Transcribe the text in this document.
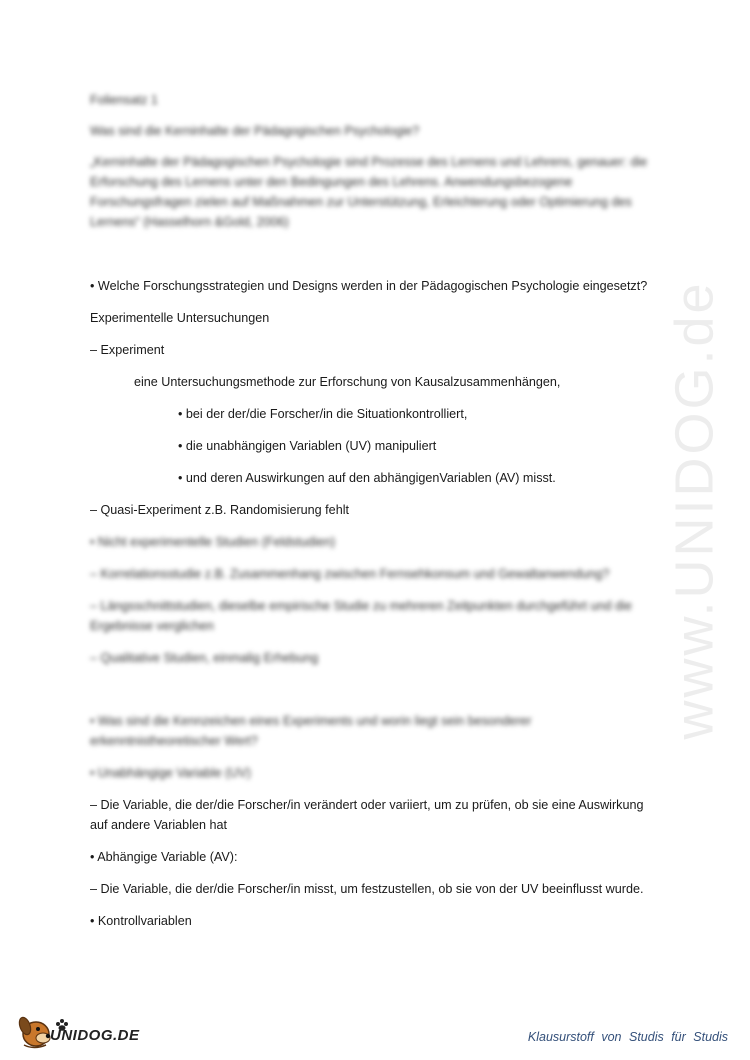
Foliensatz 1
Was sind die Kerninhalte der Pädagogischen Psychologie?
„Kerninhalte der Pädagogischen Psychologie sind Prozesse des Lernens und Lehrens, genauer: die
Erforschung des Lernens unter den Bedingungen des Lehrens. Anwendungsbezogene
Forschungsfragen zielen auf Maßnahmen zur Unterstützung, Erleichterung oder Optimierung des
Lernens“ (Hasselhorn &Gold, 2006)
• Welche Forschungsstrategien und Designs werden in der Pädagogischen Psychologie eingesetzt?
Experimentelle Untersuchungen
– Experiment
eine Untersuchungsmethode zur Erforschung von Kausalzusammenhängen,
• bei der der/die Forscher/in die Situationkontrolliert,
• die unabhängigen Variablen (UV) manipuliert
• und deren Auswirkungen auf den abhängigenVariablen (AV) misst.
– Quasi-Experiment z.B. Randomisierung fehlt
• Nicht experimentelle Studien (Feldstudien)
– Korrelationsstudie z.B. Zusammenhang zwischen Fernsehkonsum und Gewaltanwendung?
– Längsschnittstudien, dieselbe empirische Studie zu mehreren Zeitpunkten durchgeführt und die
Ergebnisse verglichen
– Qualitative Studien, einmalig Erhebung
• Was sind die Kennzeichen eines Experiments und worin liegt sein besonderer
erkenntnistheoretischer Wert?
• Unabhängige Variable (UV)
– Die Variable, die der/die Forscher/in verändert oder variiert, um zu prüfen, ob sie eine Auswirkung
auf andere Variablen hat
• Abhängige Variable (AV):
– Die Variable, die der/die Forscher/in misst, um festzustellen, ob sie von der UV beeinflusst wurde.
• Kontrollvariablen
www.UNIDOG.de
UNIDOG.DE	Klausurstoff von Studis für Studis
